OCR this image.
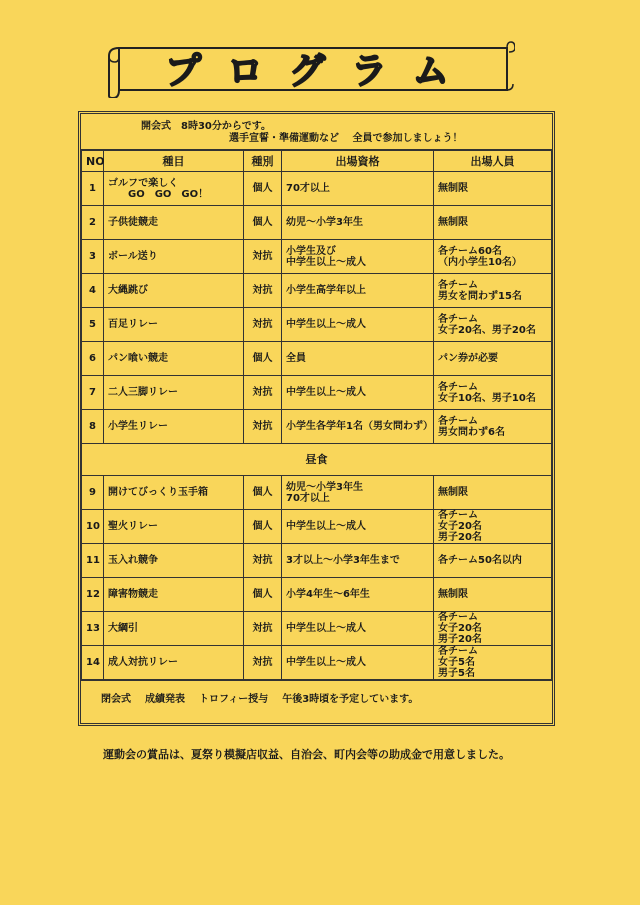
プログラム
開会式　8時30分からです。
選手宣誓・準備運動など　 全員で参加しましょう！
NO	種目	種別	出場資格	出場人員
1	ゴルフで楽しく
GO　GO　GO！	個人	70才以上	無制限
2	子供徒競走	個人	幼児～小学3年生	無制限
3	ボール送り	対抗	小学生及び
中学生以上～成人	各チーム60名
（内小学生10名）
4	大縄跳び	対抗	小学生高学年以上	各チーム
男女を問わず15名
5	百足リレー	対抗	中学生以上～成人	各チーム
女子20名、男子20名
6	パン喰い競走	個人	全員	パン券が必要
7	二人三脚リレー	対抗	中学生以上～成人	各チーム
女子10名、男子10名
8	小学生リレー	対抗	小学生各学年1名（男女問わず）	各チーム
男女問わず6名
昼食				
9	開けてびっくり玉手箱	個人	幼児～小学3年生
70才以上	無制限
10	聖火リレー	個人	中学生以上～成人	各チーム
女子20名
男子20名
11	玉入れ競争	対抗	3才以上～小学3年生まで	各チーム50名以内
12	障害物競走	個人	小学4年生～6年生	無制限
13	大綱引	対抗	中学生以上～成人	各チーム
女子20名
男子20名
14	成人対抗リレー	対抗	中学生以上～成人	各チーム
女子5名
男子5名
閉会式 成績発表 トロフィー授与 午後3時頃を予定しています。
運動会の賞品は、夏祭り模擬店収益、自治会、町内会等の助成金で用意しました。
